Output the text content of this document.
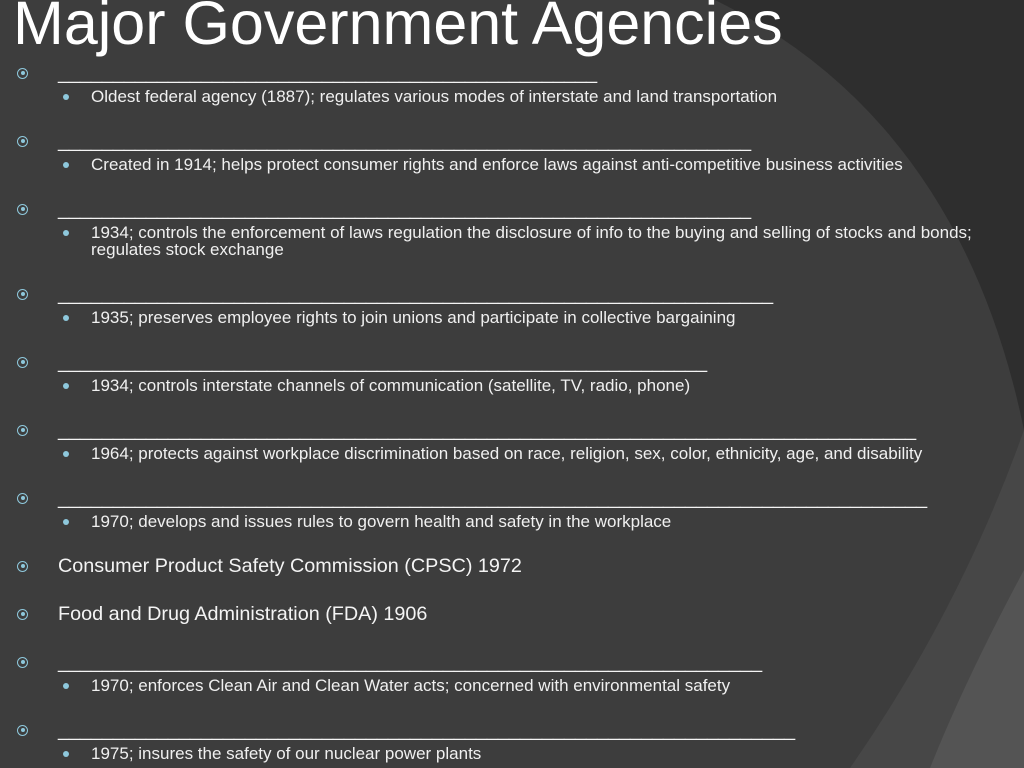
Major Government Agencies
_________________________________________________
Oldest federal agency (1887); regulates various modes of interstate and land transportation
_______________________________________________________________
Created in 1914; helps protect consumer rights and enforce laws against anti-competitive business activities
_______________________________________________________________
1934; controls the enforcement of laws regulation the disclosure of info to the buying and selling of stocks and bonds; regulates stock exchange
_________________________________________________________________
1935; preserves employee rights to join unions and participate in collective bargaining
___________________________________________________________
1934; controls interstate channels of communication (satellite, TV, radio, phone)
______________________________________________________________________________
1964; protects against workplace discrimination based on race, religion, sex, color, ethnicity, age, and disability
_______________________________________________________________________________
1970; develops and issues rules to govern health and safety in the workplace
Consumer Product Safety Commission (CPSC) 1972
Food and Drug Administration (FDA) 1906
________________________________________________________________
1970; enforces Clean Air and Clean Water acts; concerned with environmental safety
___________________________________________________________________
1975; insures the safety of our nuclear power plants
